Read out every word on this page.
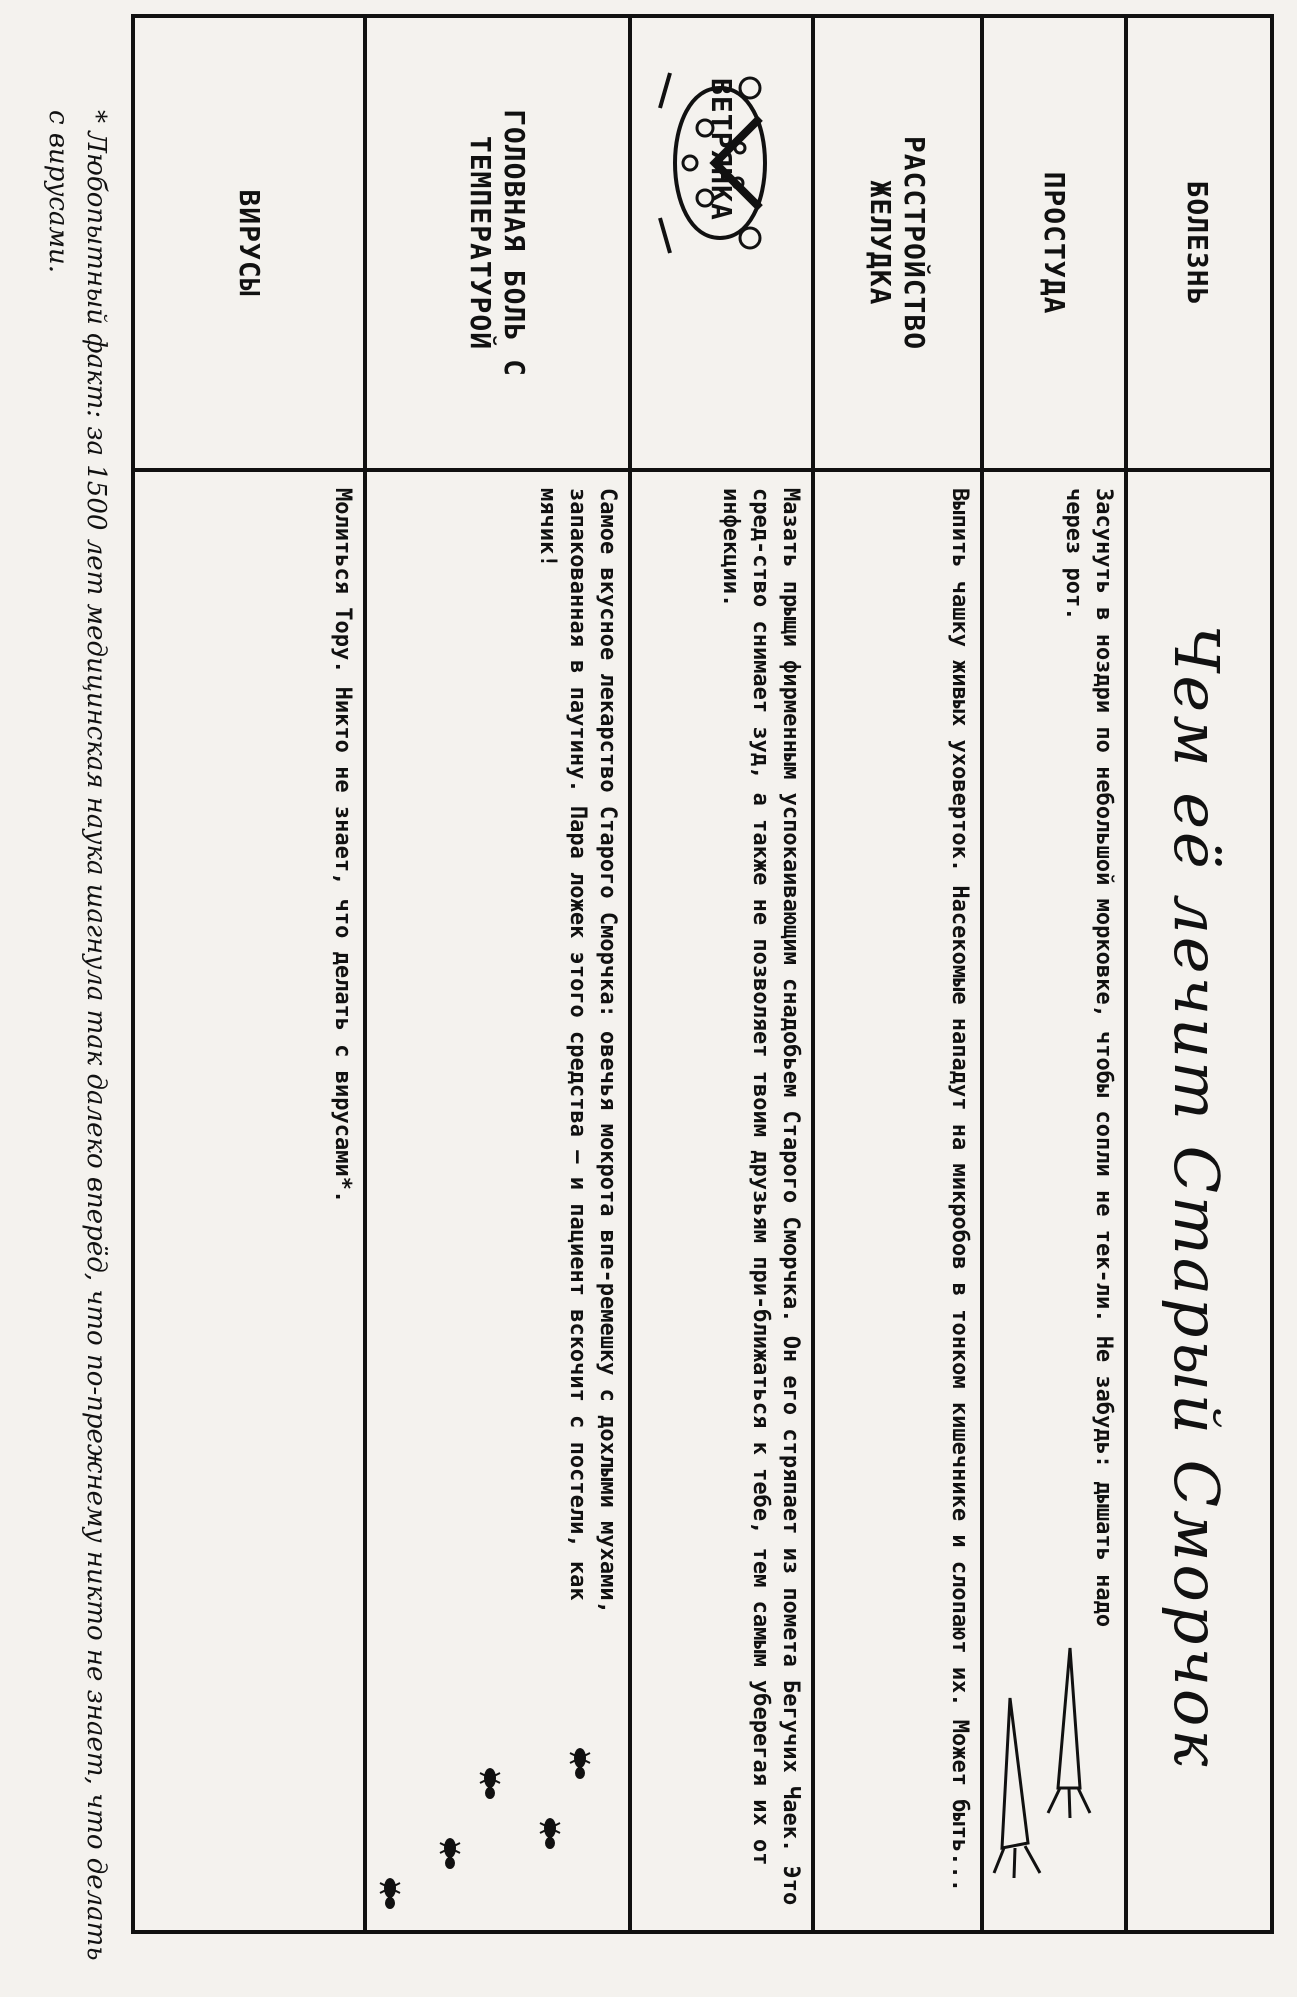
БОЛЕЗНЬ
Чем её лечит Старый Сморчок
ПРОСТУДА
Засунуть в ноздри по небольшой морковке, чтобы сопли не тек-ли. Не забудь: дышать надо через рот.
РАССТРОЙСТВО ЖЕЛУДКА
Выпить чашку живых уховерток. Насекомые нападут на микробов в тонком кишечнике и слопают их. Может быть...
ВЕТРЯНКА
Мазать прыщи фирменным успокаивающим снадобьем Старого Сморчка. Он его стряпает из помета Бегучих Чаек. Это сред-ство снимает зуд, а также не позволяет твоим друзьям при-ближаться к тебе, тем самым уберегая их от инфекции.
ГОЛОВНАЯ БОЛЬ С ТЕМПЕРАТУРОЙ
Самое вкусное лекарство Старого Сморчка: овечья мокрота впе-ремешку с дохлыми мухами, запакованная в паутину. Пара ложек этого средства — и пациент вскочит с постели, как мячик!
ВИРУСЫ
Молиться Тору. Никто не знает, что делать с вирусами*.
* Любопытный факт: за 1500 лет медицинская наука шагнула так далеко вперёд, что по-прежнему никто не знает, что делать с вирусами.
